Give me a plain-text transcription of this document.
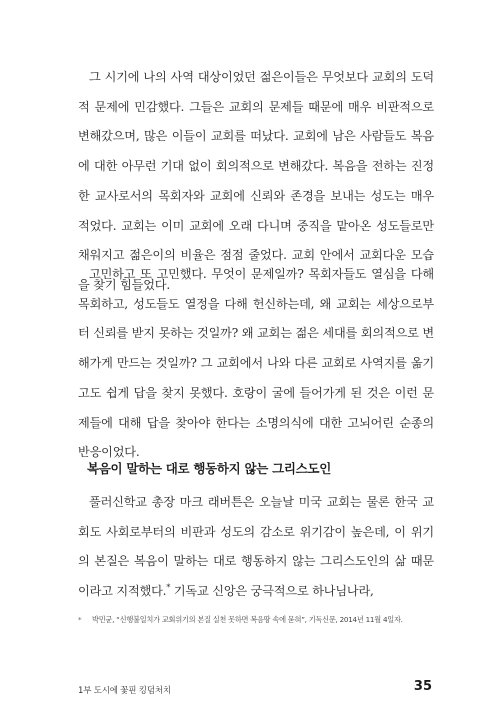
그 시기에 나의 사역 대상이었던 젊은이들은 무엇보다 교회의 도덕적 문제에 민감했다. 그들은 교회의 문제들 때문에 매우 비판적으로 변해갔으며, 많은 이들이 교회를 떠났다. 교회에 남은 사람들도 복음에 대한 아무런 기대 없이 회의적으로 변해갔다. 복음을 전하는 진정한 교사로서의 목회자와 교회에 신뢰와 존경을 보내는 성도는 매우 적었다. 교회는 이미 교회에 오래 다니며 중직을 맡아온 성도들로만 채워지고 젊은이의 비율은 점점 줄었다. 교회 안에서 교회다운 모습을 찾기 힘들었다.

고민하고 또 고민했다. 무엇이 문제일까? 목회자들도 열심을 다해 목회하고, 성도들도 열정을 다해 헌신하는데, 왜 교회는 세상으로부터 신뢰를 받지 못하는 것일까? 왜 교회는 젊은 세대를 회의적으로 변해가게 만드는 것일까? 그 교회에서 나와 다른 교회로 사역지를 옮기고도 쉽게 답을 찾지 못했다. 호랑이 굴에 들어가게 된 것은 이런 문제들에 대해 답을 찾아야 한다는 소명의식에 대한 고뇌어린 순종의 반응이었다.

복음이 말하는 대로 행동하지 않는 그리스도인

풀러신학교 총장 마크 래버튼은 오늘날 미국 교회는 물론 한국 교회도 사회로부터의 비판과 성도의 감소로 위기감이 높은데, 이 위기의 본질은 복음이 말하는 대로 행동하지 않는 그리스도인의 삶 때문이라고 지적했다.* 기독교 신앙은 궁극적으로 하나님나라,

* 박민균, “신행불일치가 교회위기의 본질 실천 못하면 복음땅 속에 묻혀”, 기독신문, 2014년 11월 4일자.

1부 도시에 꽃핀 킹덤처치	35
